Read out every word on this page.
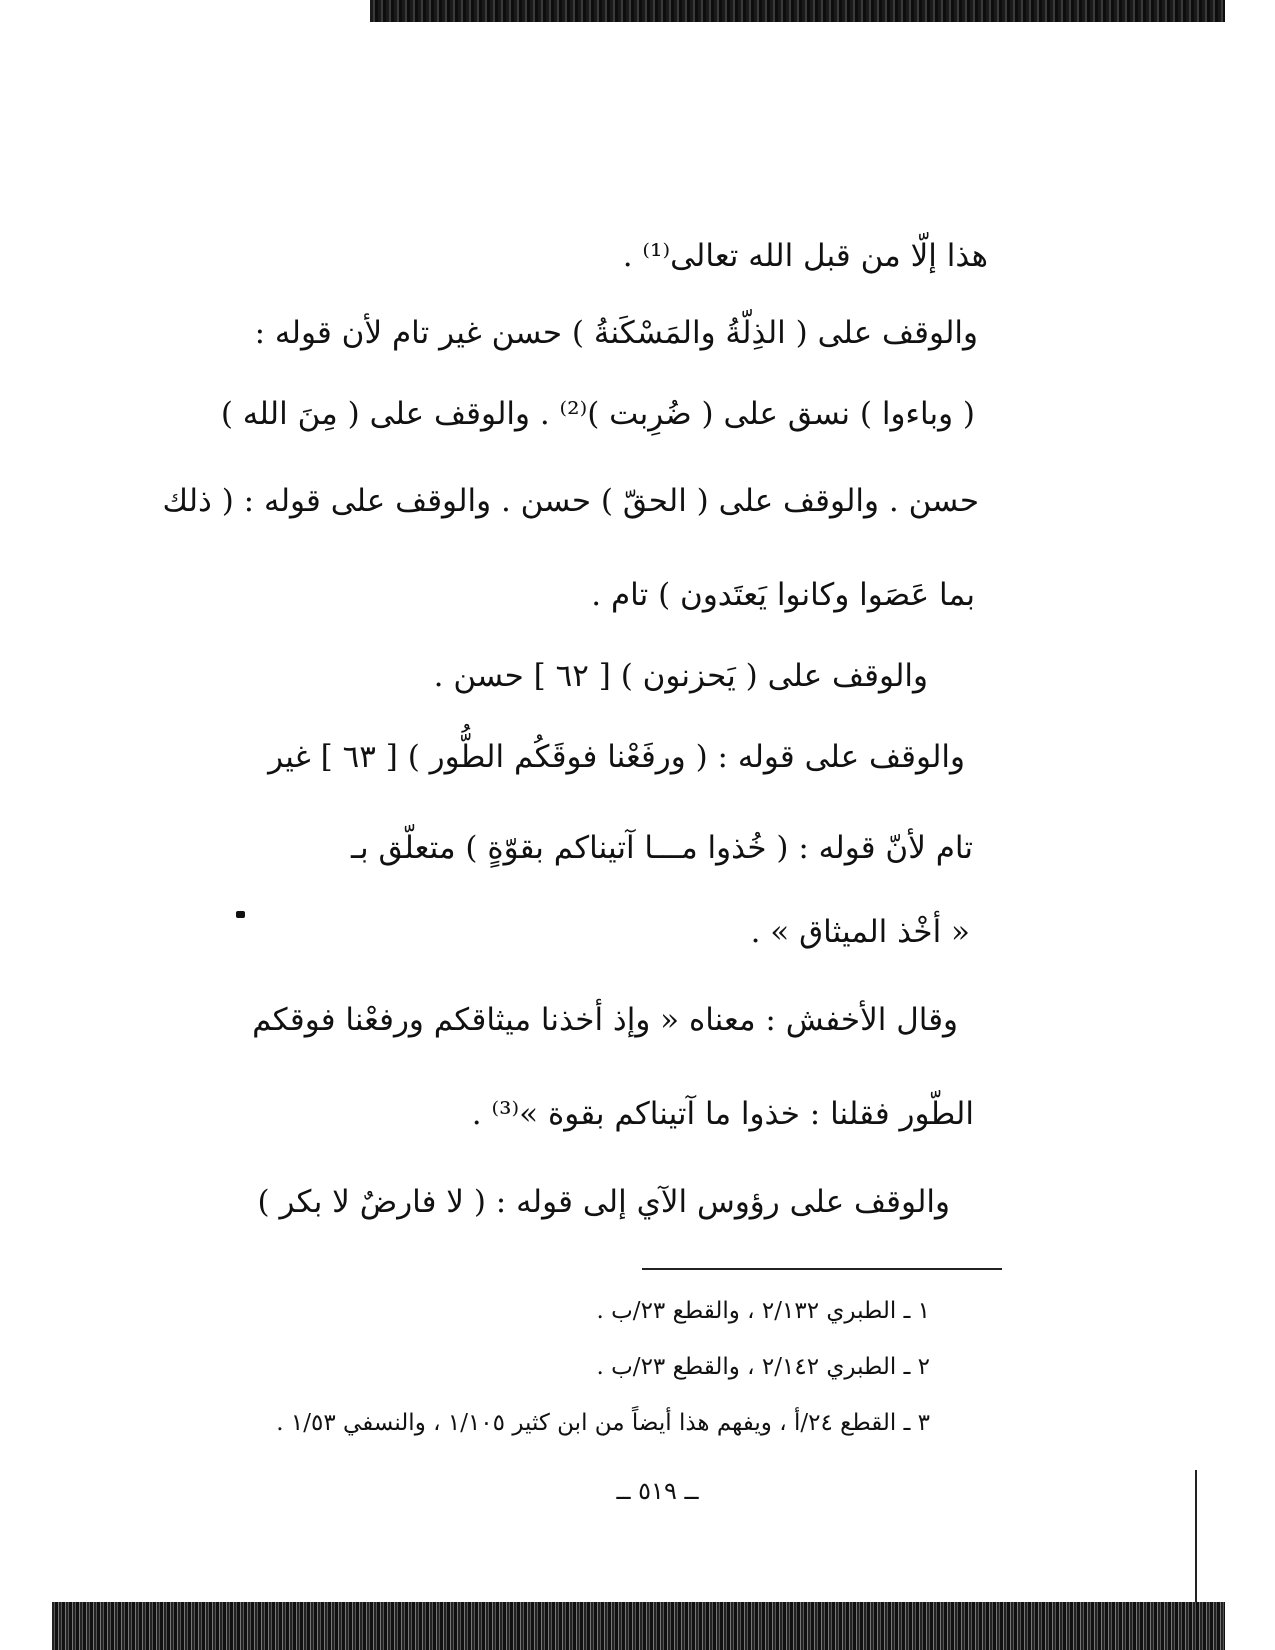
هذا إلّا من قبل الله تعالى⁽¹⁾ .
والوقف على ( الذِلّةُ والمَسْكَنةُ ) حسن غير تام لأن قوله :
( وباءوا ) نسق على ( ضُرِبت )⁽²⁾ . والوقف على ( مِنَ الله )
حسن . والوقف على ( الحقّ ) حسن . والوقف على قوله : ( ذلك
بما عَصَوا وكانوا يَعتَدون ) تام .
والوقف على ( يَحزنون ) [ ٦٢ ] حسن .
والوقف على قوله : ( ورفَعْنا فوقَكُم الطُّور ) [ ٦٣ ] غير
تام لأنّ قوله : ( خُذوا مـــا آتيناكم بقوّةٍ ) متعلّق بـ
« أخْذ الميثاق » .
وقال الأخفش : معناه « وإذ أخذنا ميثاقكم ورفعْنا فوقكم
الطّور فقلنا : خذوا ما آتيناكم بقوة »⁽³⁾ .
والوقف على رؤوس الآي إلى قوله : ( لا فارضٌ لا بكر )
١ ـ الطبري ٢/١٣٢ ، والقطع ٢٣/ب .
٢ ـ الطبري ٢/١٤٢ ، والقطع ٢٣/ب .
٣ ـ القطع ٢٤/أ ، ويفهم هذا أيضاً من ابن كثير ١/١٠٥ ، والنسفي ١/٥٣ .
ــ ٥١٩ ــ
